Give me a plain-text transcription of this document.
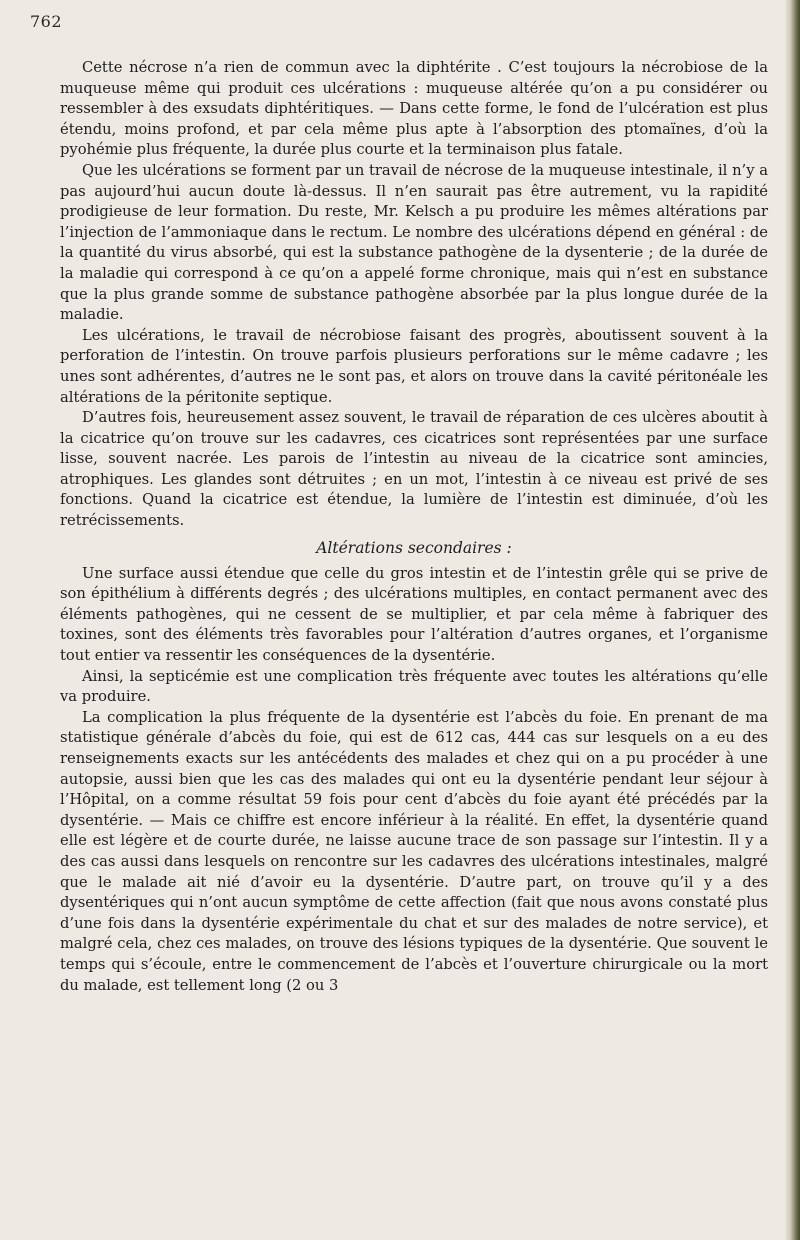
762

Cette nécrose n’a rien de commun avec la diphtérite . C’est toujours la nécrobiose de la muqueuse même qui produit ces ulcérations : muqueuse altérée qu’on a pu considérer ou ressembler à des exsudats diphtéritiques. — Dans cette forme, le fond de l’ulcération est plus étendu, moins profond, et par cela même plus apte à l’absorption des ptomaïnes, d’où la pyohémie plus fréquente, la durée plus courte et la terminaison plus fatale.

Que les ulcérations se forment par un travail de nécrose de la muqueuse intestinale, il n’y a pas aujourd’hui aucun doute là-dessus. Il n’en saurait pas être autrement, vu la rapidité prodigieuse de leur formation. Du reste, Mr. Kelsch a pu produire les mêmes altérations par l’injection de l’ammoniaque dans le rectum. Le nombre des ulcérations dépend en général : de la quantité du virus absorbé, qui est la substance pathogène de la dysenterie ; de la durée de la maladie qui correspond à ce qu’on a appelé forme chronique, mais qui n’est en substance que la plus grande somme de substance pathogène absorbée par la plus longue durée de la maladie.

Les ulcérations, le travail de nécrobiose faisant des progrès, aboutissent souvent à la perforation de l’intestin. On trouve parfois plusieurs perforations sur le même cadavre ; les unes sont adhérentes, d’autres ne le sont pas, et alors on trouve dans la cavité péritonéale les altérations de la péritonite septique.

D’autres fois, heureusement assez souvent, le travail de réparation de ces ulcères aboutit à la cicatrice qu’on trouve sur les cadavres, ces cicatrices sont représentées par une surface lisse, souvent nacrée. Les parois de l’intestin au niveau de la cicatrice sont amincies, atrophiques. Les glandes sont détruites ; en un mot, l’intestin à ce niveau est privé de ses fonctions. Quand la cicatrice est étendue, la lumière de l’intestin est diminuée, d’où les retrécissements.

Altérations secondaires :

Une surface aussi étendue que celle du gros intestin et de l’intestin grêle qui se prive de son épithélium à différents degrés ; des ulcérations multiples, en contact permanent avec des éléments pathogènes, qui ne cessent de se multiplier, et par cela même à fabriquer des toxines, sont des éléments très favorables pour l’altération d’autres organes, et l’organisme tout entier va ressentir les conséquences de la dysentérie.

Ainsi, la septicémie est une complication très fréquente avec toutes les altérations qu’elle va produire.

La complication la plus fréquente de la dysentérie est l’abcès du foie. En prenant de ma statistique générale d’abcès du foie, qui est de 612 cas, 444 cas sur lesquels on a eu des renseignements exacts sur les antécédents des malades et chez qui on a pu procéder à une autopsie, aussi bien que les cas des malades qui ont eu la dysentérie pendant leur séjour à l’Hôpital, on a comme résultat 59 fois pour cent d’abcès du foie ayant été précédés par la dysentérie. — Mais ce chiffre est encore inférieur à la réalité. En effet, la dysentérie quand elle est légère et de courte durée, ne laisse aucune trace de son passage sur l’intestin. Il y a des cas aussi dans lesquels on rencontre sur les cadavres des ulcérations intestinales, malgré que le malade ait nié d’avoir eu la dysentérie. D’autre part, on trouve qu’il y a des dysentériques qui n’ont aucun symptôme de cette affection (fait que nous avons constaté plus d’une fois dans la dysentérie expérimentale du chat et sur des malades de notre service), et malgré cela, chez ces malades, on trouve des lésions typiques de la dysentérie. Que souvent le temps qui s’écoule, entre le commencement de l’abcès et l’ouverture chirurgicale ou la mort du malade, est tellement long (2 ou 3
